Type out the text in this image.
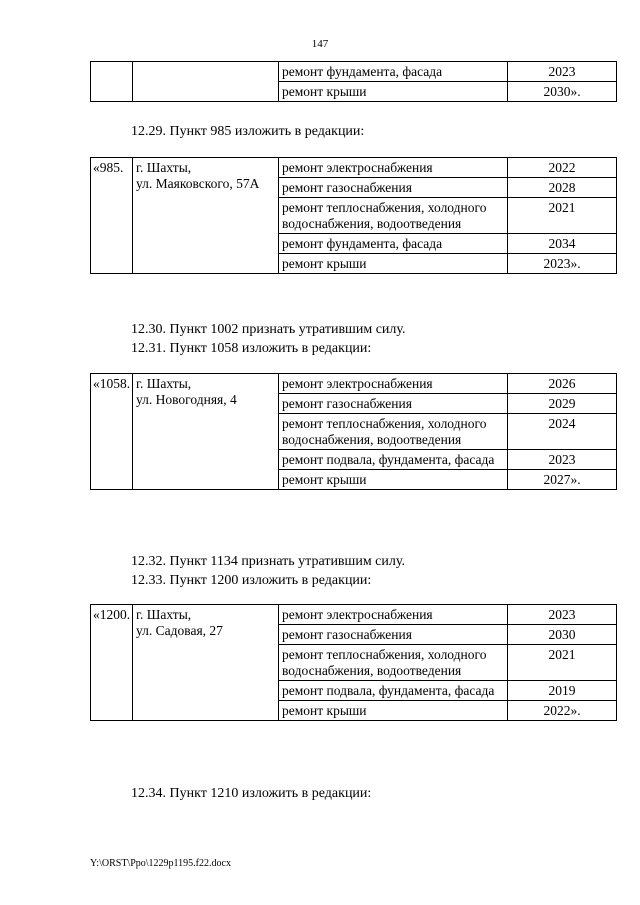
147
		ремонт фундамента, фасада	2023
		ремонт крыши	2030».
12.29. Пункт 985 изложить в редакции:
«985.	г. Шахты,
ул. Маяковского, 57А	ремонт электроснабжения	2022
		ремонт газоснабжения	2028
		ремонт теплоснабжения, холодного водоснабжения, водоотведения	2021
		ремонт фундамента, фасада	2034
		ремонт крыши	2023».
12.30. Пункт 1002 признать утратившим силу.
12.31. Пункт 1058 изложить в редакции:
«1058.	г. Шахты,
ул. Новогодняя, 4	ремонт электроснабжения	2026
		ремонт газоснабжения	2029
		ремонт теплоснабжения, холодного водоснабжения, водоотведения	2024
		ремонт подвала, фундамента, фасада	2023
		ремонт крыши	2027».
12.32. Пункт 1134 признать утратившим силу.
12.33. Пункт 1200 изложить в редакции:
«1200.	г. Шахты,
ул. Садовая, 27	ремонт электроснабжения	2023
		ремонт газоснабжения	2030
		ремонт теплоснабжения, холодного водоснабжения, водоотведения	2021
		ремонт подвала, фундамента, фасада	2019
		ремонт крыши	2022».
12.34. Пункт 1210 изложить в редакции:
Y:\ORST\Ppo\1229p1195.f22.docx
